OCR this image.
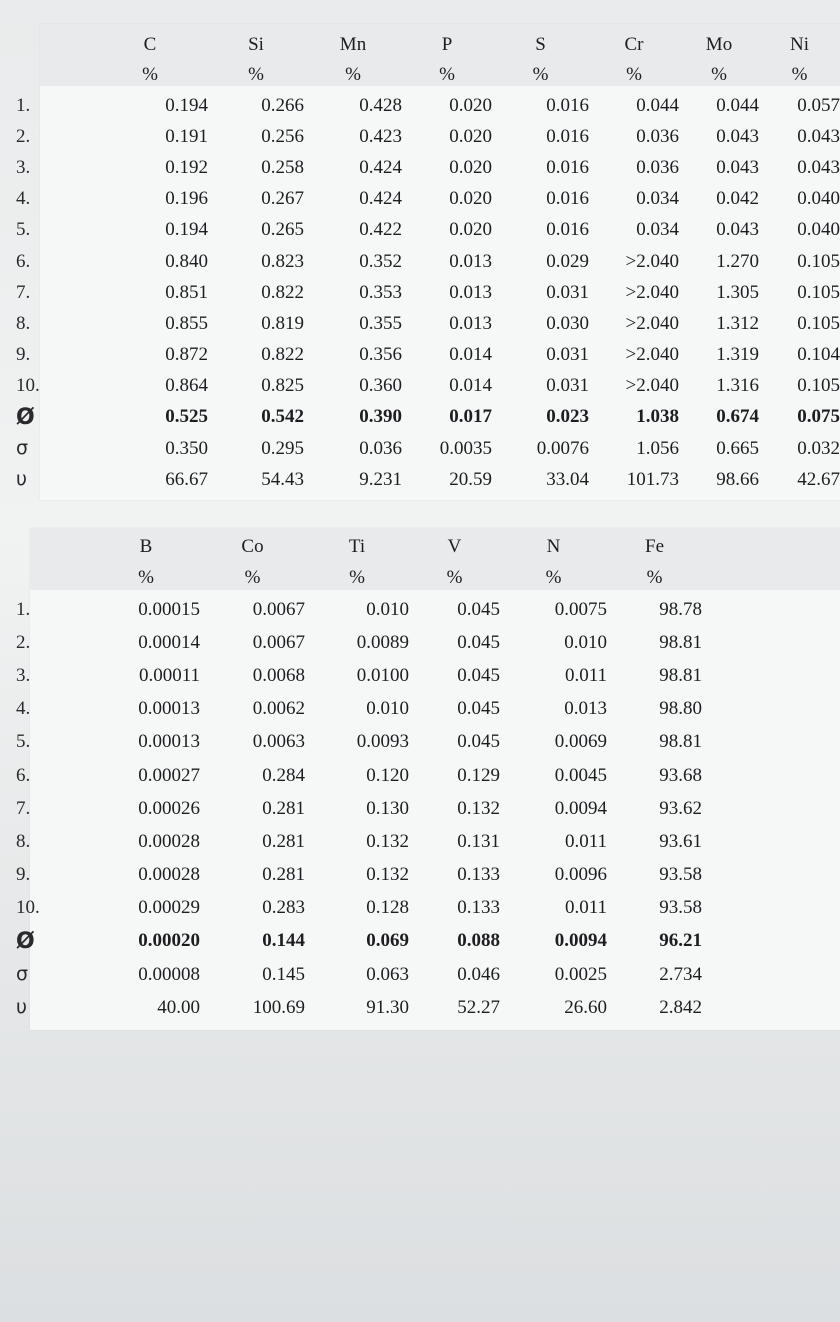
	C	Si	Mn	P	S	Cr	Mo	Ni
	%	%	%	%	%	%	%	%
1.	0.194	0.266	0.428	0.020	0.016	0.044	0.044	0.057
2.	0.191	0.256	0.423	0.020	0.016	0.036	0.043	0.043
3.	0.192	0.258	0.424	0.020	0.016	0.036	0.043	0.043
4.	0.196	0.267	0.424	0.020	0.016	0.034	0.042	0.040
5.	0.194	0.265	0.422	0.020	0.016	0.034	0.043	0.040
6.	0.840	0.823	0.352	0.013	0.029	>2.040	1.270	0.105
7.	0.851	0.822	0.353	0.013	0.031	>2.040	1.305	0.105
8.	0.855	0.819	0.355	0.013	0.030	>2.040	1.312	0.105
9.	0.872	0.822	0.356	0.014	0.031	>2.040	1.319	0.104
10.	0.864	0.825	0.360	0.014	0.031	>2.040	1.316	0.105
Ø	0.525	0.542	0.390	0.017	0.023	1.038	0.674	0.075
σ	0.350	0.295	0.036	0.0035	0.0076	1.056	0.665	0.032
υ	66.67	54.43	9.231	20.59	33.04	101.73	98.66	42.67
	B	Co	Ti	V	N	Fe
	%	%	%	%	%	%
1.	0.00015	0.0067	0.010	0.045	0.0075	98.78
2.	0.00014	0.0067	0.0089	0.045	0.010	98.81
3.	0.00011	0.0068	0.0100	0.045	0.011	98.81
4.	0.00013	0.0062	0.010	0.045	0.013	98.80
5.	0.00013	0.0063	0.0093	0.045	0.0069	98.81
6.	0.00027	0.284	0.120	0.129	0.0045	93.68
7.	0.00026	0.281	0.130	0.132	0.0094	93.62
8.	0.00028	0.281	0.132	0.131	0.011	93.61
9.	0.00028	0.281	0.132	0.133	0.0096	93.58
10.	0.00029	0.283	0.128	0.133	0.011	93.58
Ø	0.00020	0.144	0.069	0.088	0.0094	96.21
σ	0.00008	0.145	0.063	0.046	0.0025	2.734
υ	40.00	100.69	91.30	52.27	26.60	2.842
